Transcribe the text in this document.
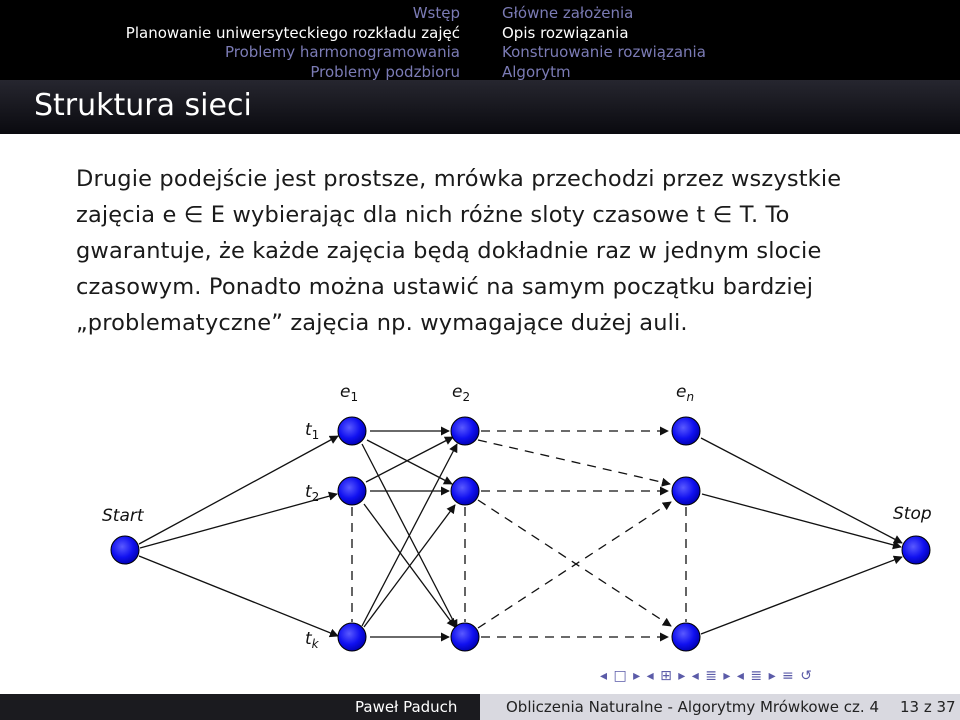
Wstęp
Planowanie uniwersyteckiego rozkładu zajęć
Problemy harmonogramowania
Problemy podzbioru
Główne założenia
Opis rozwiązania
Konstruowanie rozwiązania
Algorytm
Struktura sieci
Drugie podejście jest prostsze, mrówka przechodzi przez wszystkie
zajęcia e ∈ E wybierając dla nich różne sloty czasowe t ∈ T. To
gwarantuje, że każde zajęcia będą dokładnie raz w jednym slocie
czasowym. Ponadto można ustawić na samym początku bardziej
„problematyczne” zajęcia np. wymagające dużej auli.
Start	Stop
$e_1$	$e_2$	$e_n$
$t_1$
$t_2$
$t_k$
◂ □ ▸ ◂ ⊞ ▸ ◂ ≣ ▸ ◂ ≣ ▸ ≡ ↺
Paweł Paduch	Obliczenia Naturalne - Algorytmy Mrówkowe cz. 4 13 z 37
